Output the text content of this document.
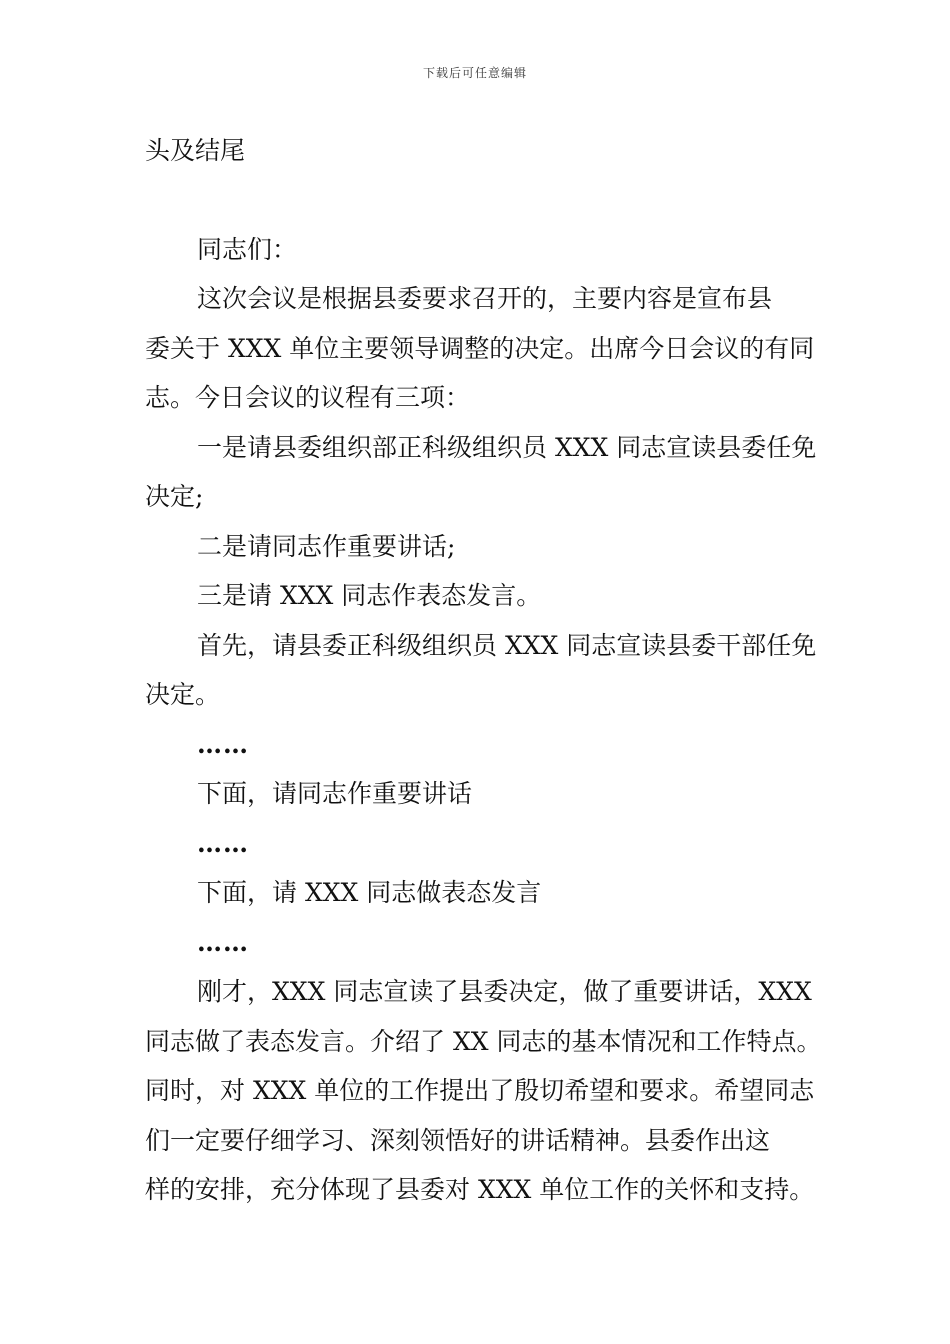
下载后可任意编辑
头及结尾
同志们：
这次会议是根据县委要求召开的，主要内容是宣布县
委关于 XXX 单位主要领导调整的决定。出席今日会议的有同
志。今日会议的议程有三项：
一是请县委组织部正科级组织员 XXX 同志宣读县委任免
决定;
二是请同志作重要讲话;
三是请 XXX 同志作表态发言。
首先，请县委正科级组织员 XXX 同志宣读县委干部任免
决定。
……
下面，请同志作重要讲话
……
下面，请 XXX 同志做表态发言
……
刚才，XXX 同志宣读了县委决定，做了重要讲话，XXX
同志做了表态发言。介绍了 XX 同志的基本情况和工作特点。
同时，对 XXX 单位的工作提出了殷切希望和要求。希望同志
们一定要仔细学习、深刻领悟好的讲话精神。县委作出这
样的安排，充分体现了县委对 XXX 单位工作的关怀和支持。
